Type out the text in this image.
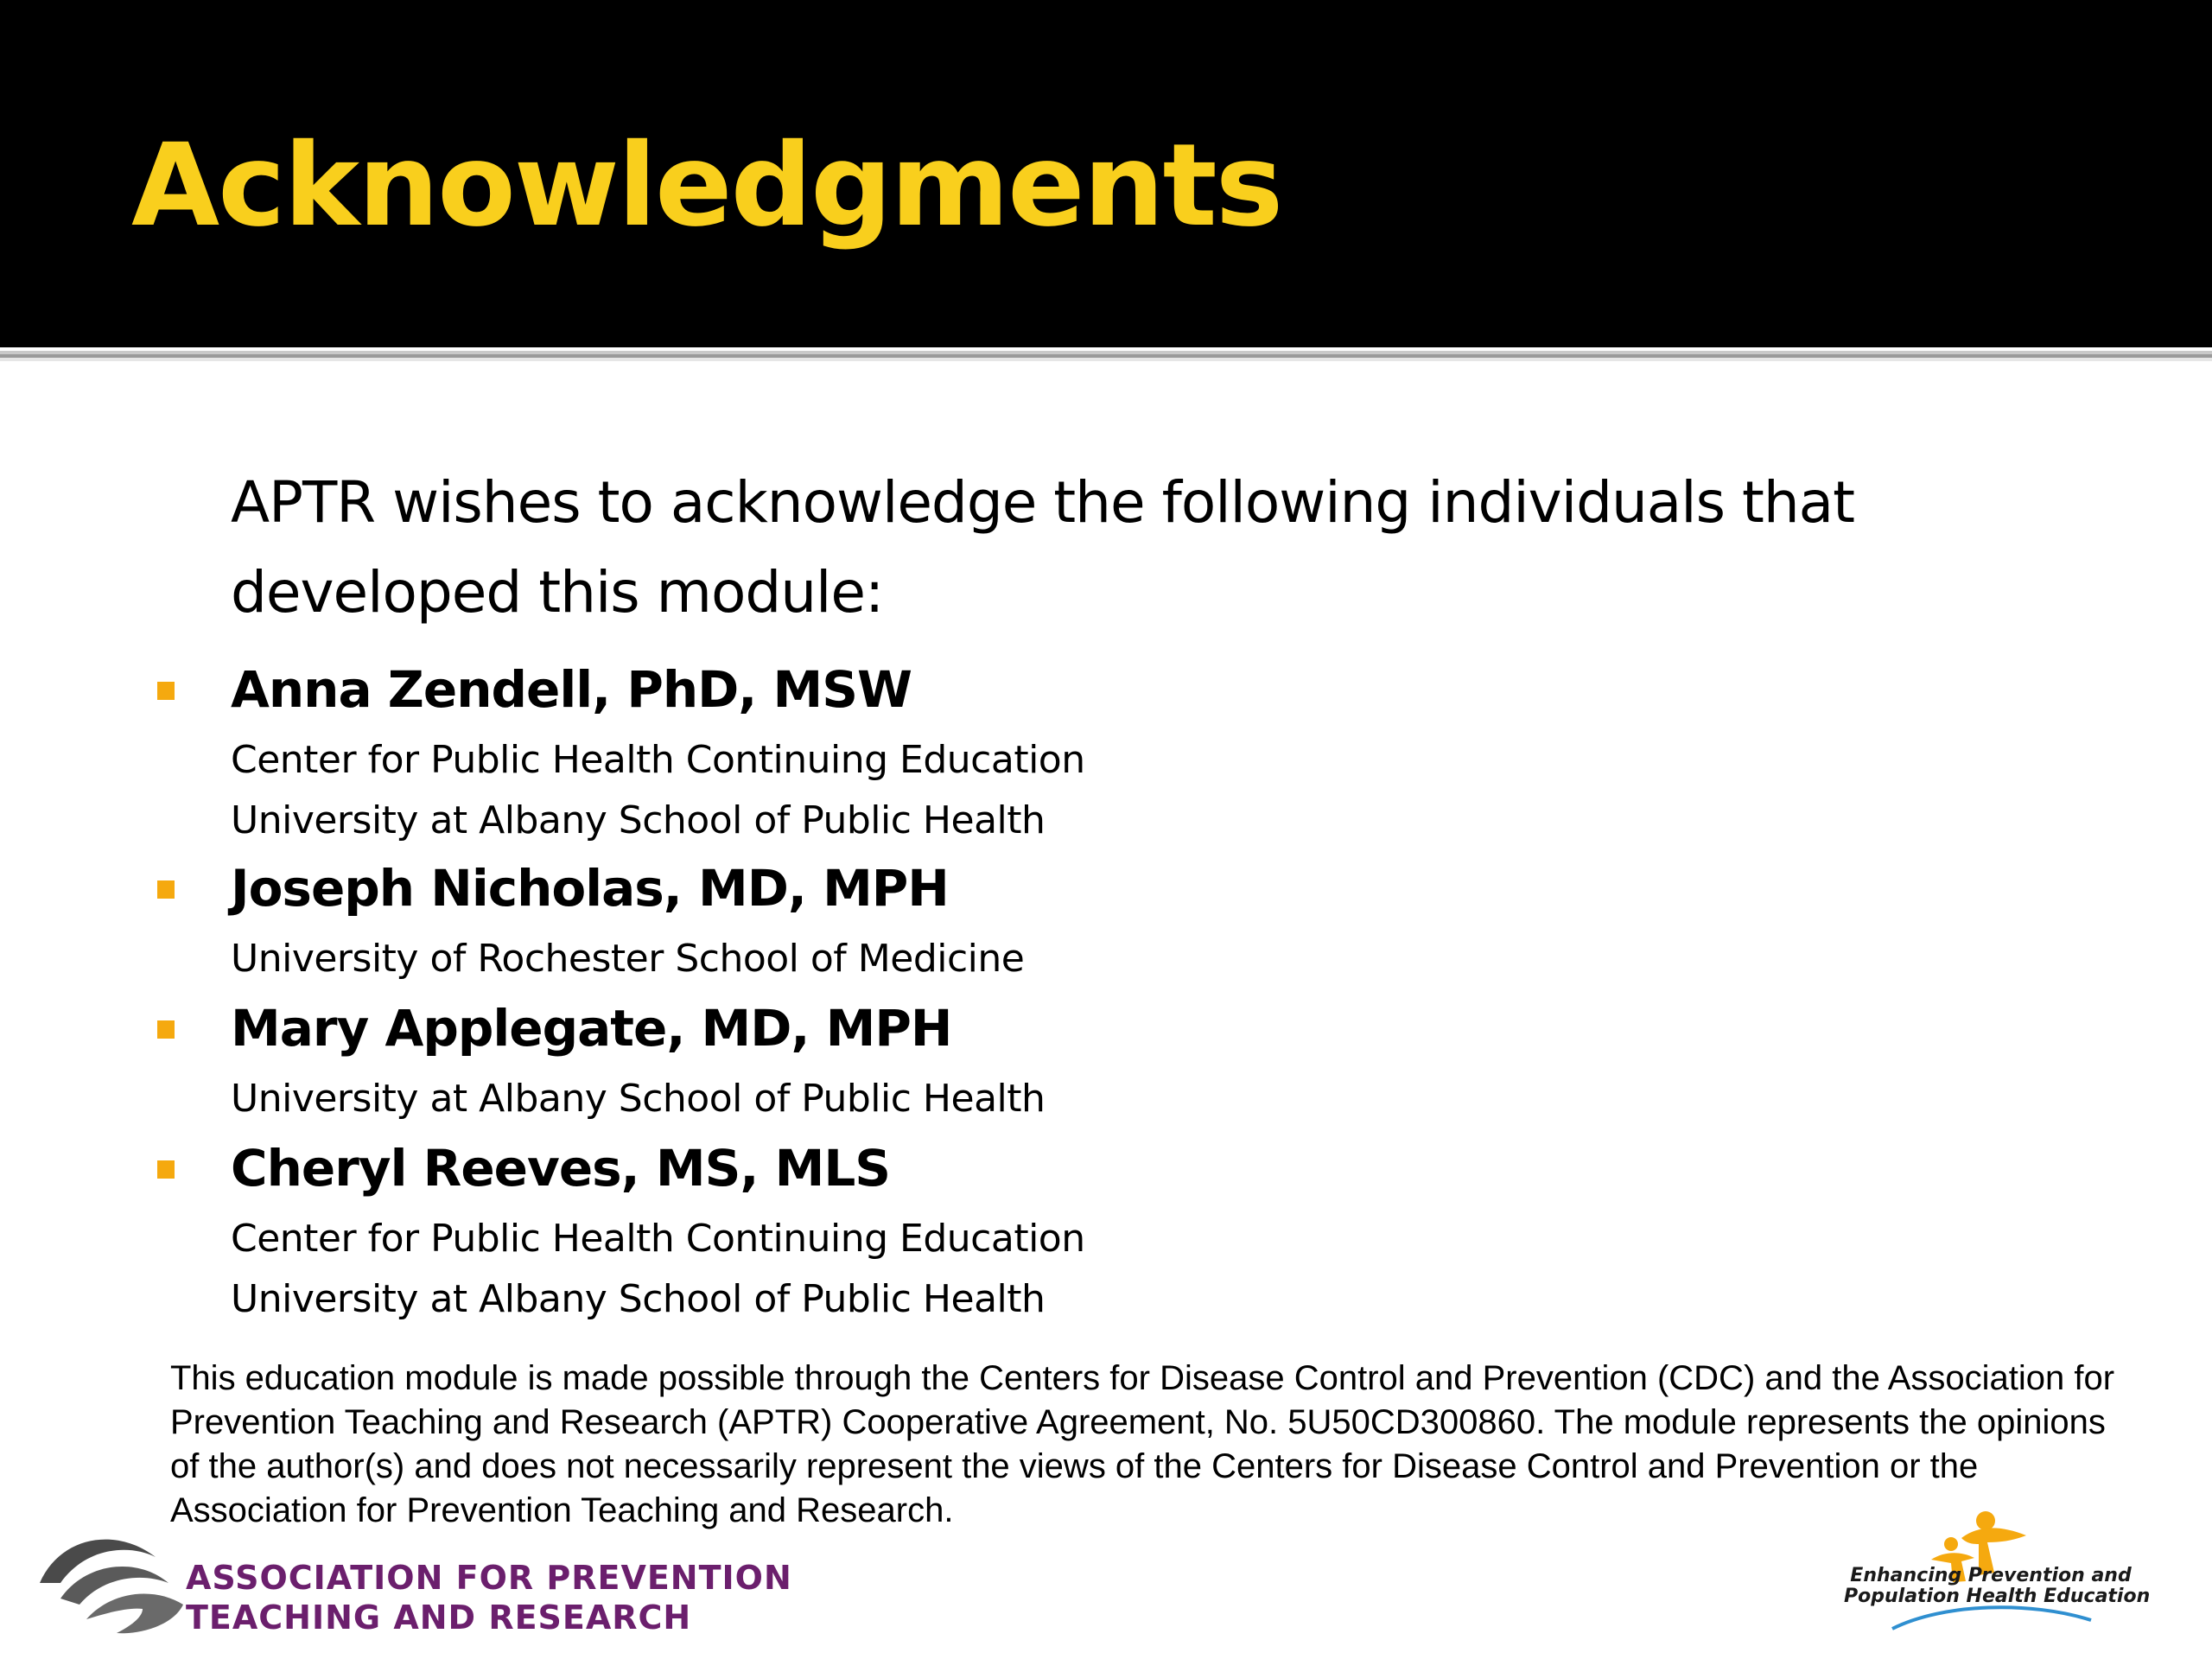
Acknowledgments

APTR wishes to acknowledge the following individuals that developed this module:

Anna Zendell, PhD, MSW

Center for Public Health Continuing Education

University at Albany School of Public Health

Joseph Nicholas, MD, MPH

University of Rochester School of Medicine

Mary Applegate, MD, MPH

University at Albany School of Public Health

Cheryl Reeves, MS, MLS

Center for Public Health Continuing Education

University at Albany School of Public Health

This education module is made possible through the Centers for Disease Control and Prevention (CDC) and the Association for Prevention Teaching and Research (APTR) Cooperative Agreement, No. 5U50CD300860. The module represents the opinions of the author(s) and does not necessarily represent the views of the Centers for Disease Control and Prevention or the Association for Prevention Teaching and Research.

ASSOCIATION FOR PREVENTION
TEACHING AND RESEARCH

Enhancing Prevention and
Population Health Education
